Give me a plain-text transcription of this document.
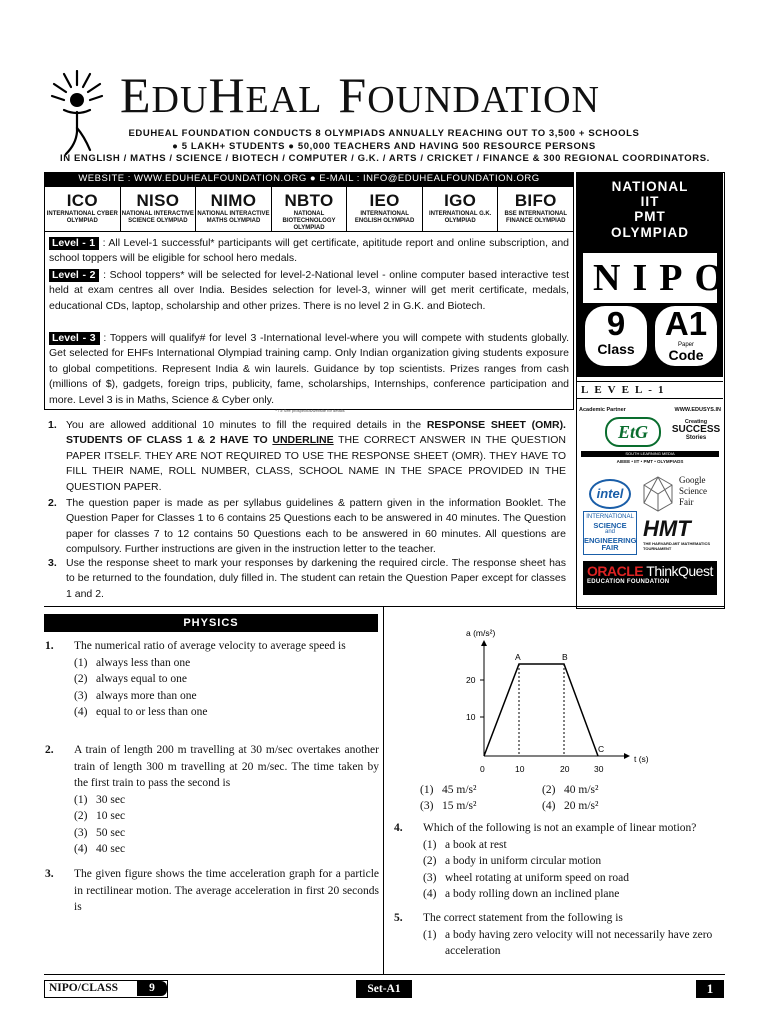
EDUHEAL FOUNDATION
EDUHEAL FOUNDATION CONDUCTS 8 OLYMPIADS ANNUALLY REACHING OUT TO 3,500 + SCHOOLS
● 5 LAKH+ STUDENTS ● 50,000 TEACHERS AND HAVING 500 RESOURCE PERSONS
IN ENGLISH / MATHS / SCIENCE / BIOTECH / COMPUTER / G.K. / ARTS / CRICKET / FINANCE & 300 REGIONAL COORDINATORS.
WEBSITE : WWW.EDUHEALFOUNDATION.ORG ● E-MAIL : INFO@EDUHEALFOUNDATION.ORG
ICO
INTERNATIONAL CYBER OLYMPIAD
NISO
NATIONAL INTERACTIVE SCIENCE OLYMPIAD
NIMO
NATIONAL INTERACTIVE MATHS OLYMPIAD
NBTO
NATIONAL BIOTECHNOLOGY OLYMPIAD
IEO
INTERNATIONAL ENGLISH OLYMPIAD
IGO
INTERNATIONAL G.K. OLYMPIAD
BIFO
BSE INTERNATIONAL FINANCE OLYMPIAD
Level - 1 : All Level-1 successful* participants will get certificate, apititude report and online subscription, and school toppers will be eligible for school hero medals.
Level - 2 : School toppers* will be selected for level-2-National level - online computer based interactive test held at exam centres all over India. Besides selection for level-3, winner will get merit certificate, medals, educational CDs, laptop, scholarship and other prizes. There is no level 2 in G.K. and Biotech.
Level - 3 : Toppers will qualify# for level 3 -International level-where you will compete with students globally. Get selected for EHFs International Olympiad training camp. Only Indian organization giving students exposure to global competitions. Represent India & win laurels. Guidance by top scientists. Prizes ranges from cash (millions of $), gadgets, foreign trips, publicity, fame, scholarships, Internships, conference participation and more. Level 3 is in Maths, Science & Cyber only.
* / # See prospectus/website for details
1. You are allowed additional 10 minutes to fill the required details in the RESPONSE SHEET (OMR). STUDENTS OF CLASS 1 & 2 HAVE TO UNDERLINE THE CORRECT ANSWER IN THE QUESTION PAPER ITSELF. THEY ARE NOT REQUIRED TO USE THE RESPONSE SHEET (OMR). THEY HAVE TO FILL THEIR NAME, ROLL NUMBER, CLASS, SCHOOL NAME IN THE SPACE PROVIDED IN THE QUESTION PAPER.
2. The question paper is made as per syllabus guidelines & pattern given in the information Booklet. The Question Paper for Classes 1 to 6 contains 25 Questions each to be answered in 40 minutes. The Question paper for classes 7 to 12 contains 50 Questions each to be answered in 60 minutes. All questions are compulsory. Further instructions are given in the instruction letter to the teacher.
3. Use the response sheet to mark your responses by darkening the required circle. The response sheet has to be returned to the foundation, duly filled in. The student can retain the Question Paper except for classes 1 and 2.
NATIONAL
IIT
PMT
OLYMPIAD
NIPO
9
Class
A1
Paper
Code
LEVEL-1
Academic Partner	WWW.EDUSYS.IN
EtG	Creating
SUCCESS
Stories
SOUTH LEARNING MEDIA
AIEEE • IIT • PMT • OLYMPIADS
intel
Google Science Fair
INTERNATIONAL
SCIENCE
and
ENGINEERING
FAIR
HMT
THE HARVARD-MIT MATHEMATICS TOURNAMENT
ORACLE ThinkQuest
EDUCATION FOUNDATION
PHYSICS
1. The numerical ratio of average velocity to average speed is
(1) always less than one
(2) always equal to one
(3) always more than one
(4) equal to or less than one
2. A train of length 200 m travelling at 30 m/sec overtakes another train of length 300 m travelling at 20 m/sec. The time taken by the first train to pass the second is
(1) 30 sec
(2) 10 sec
(3) 50 sec
(4) 40 sec
3. The given figure shows the time acceleration graph for a particle in rectilinear motion. The average acceleration in first 20 seconds is
a (m/s²)
t (s)
20
10
0	10	20	30
A	B
C
(1) 45 m/s²	(2) 40 m/s²
(3) 15 m/s²	(4) 20 m/s²
4. Which of the following is not an example of linear motion?
(1) a book at rest
(2) a body in uniform circular motion
(3) wheel rotating at uniform speed on road
(4) a body rolling down an inclined plane
5. The correct statement from the following is
(1) a body having zero velocity will not necessarily have zero acceleration
NIPO/CLASS	9	Set-A1	1
